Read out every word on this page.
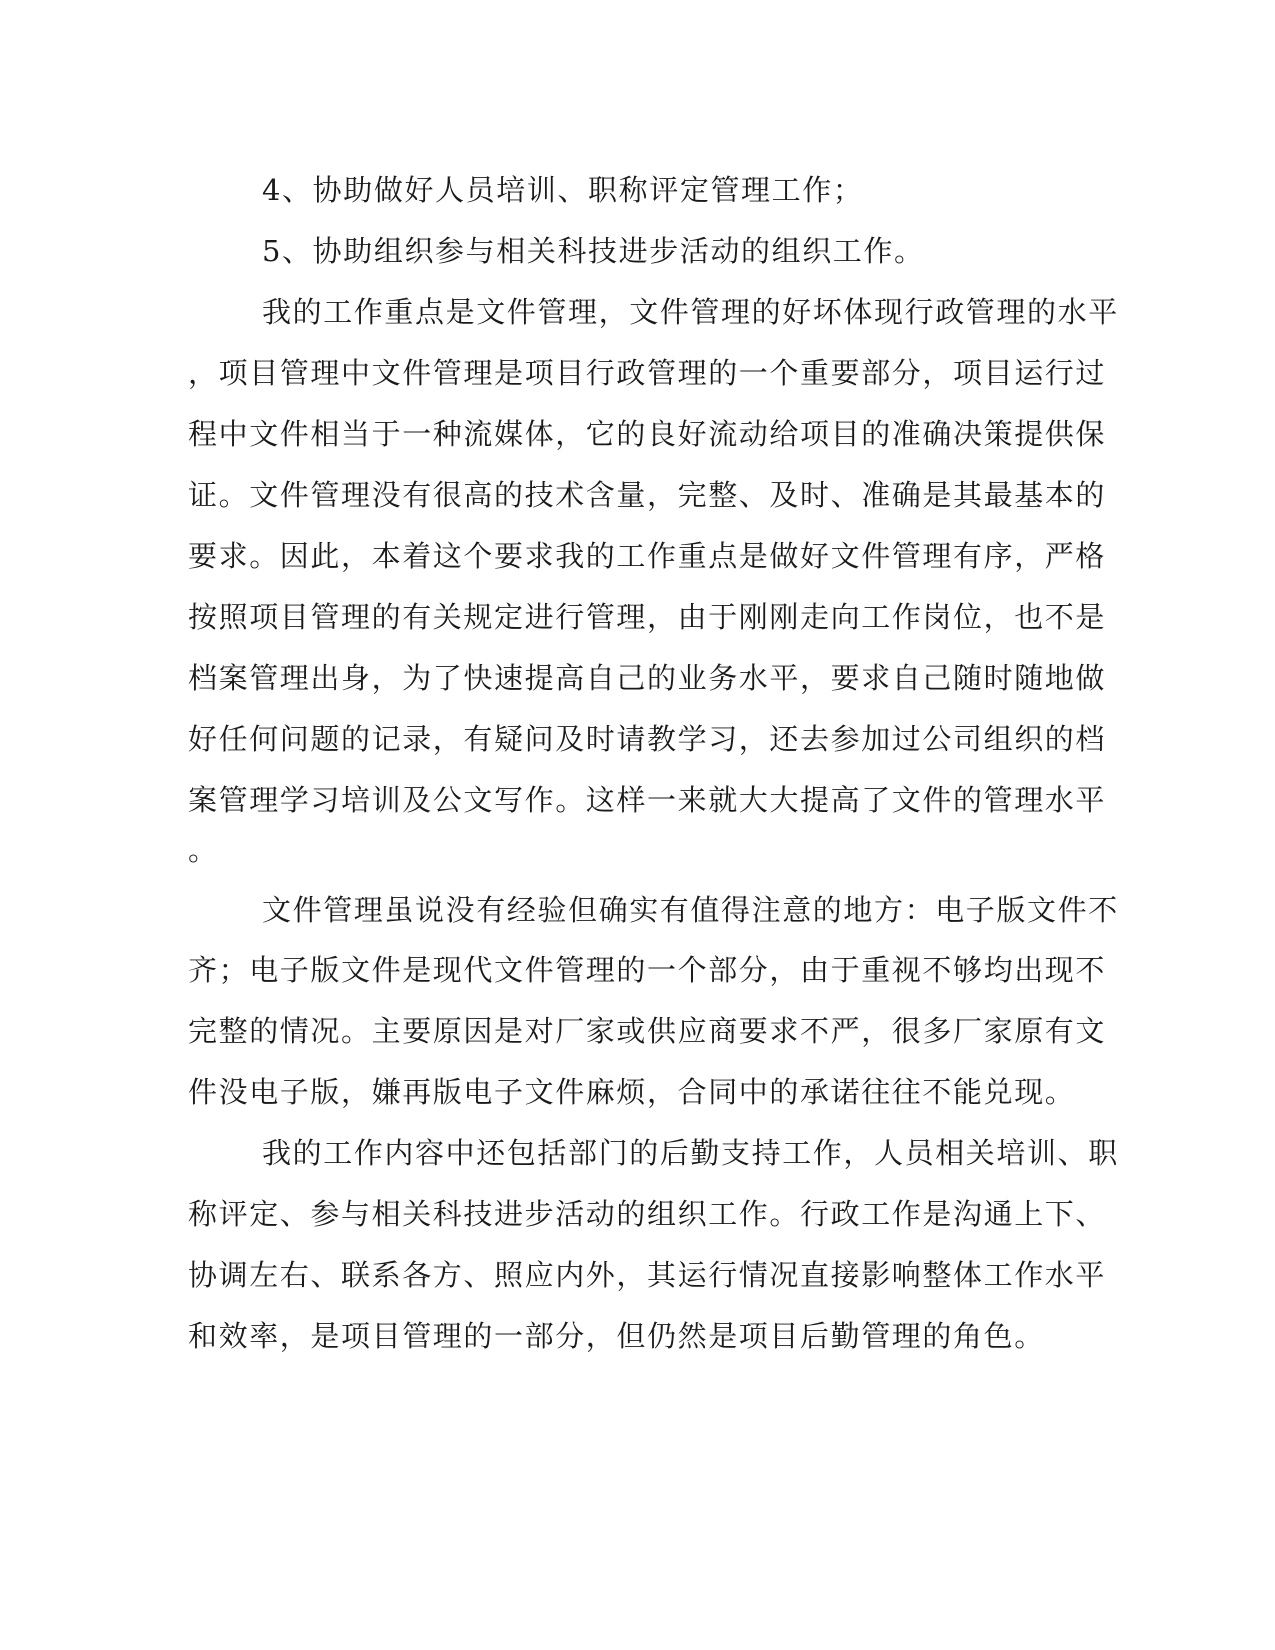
4、协助做好人员培训、职称评定管理工作；

5、协助组织参与相关科技进步活动的组织工作。

我的工作重点是文件管理，文件管理的好坏体现行政管理的水平

，项目管理中文件管理是项目行政管理的一个重要部分，项目运行过

程中文件相当于一种流媒体，它的良好流动给项目的准确决策提供保

证。文件管理没有很高的技术含量，完整、及时、准确是其最基本的

要求。因此，本着这个要求我的工作重点是做好文件管理有序，严格

按照项目管理的有关规定进行管理，由于刚刚走向工作岗位，也不是

档案管理出身，为了快速提高自己的业务水平，要求自己随时随地做

好任何问题的记录，有疑问及时请教学习，还去参加过公司组织的档

案管理学习培训及公文写作。这样一来就大大提高了文件的管理水平

。

文件管理虽说没有经验但确实有值得注意的地方：电子版文件不

齐；电子版文件是现代文件管理的一个部分，由于重视不够均出现不

完整的情况。主要原因是对厂家或供应商要求不严，很多厂家原有文

件没电子版，嫌再版电子文件麻烦，合同中的承诺往往不能兑现。

我的工作内容中还包括部门的后勤支持工作，人员相关培训、职

称评定、参与相关科技进步活动的组织工作。行政工作是沟通上下、

协调左右、联系各方、照应内外，其运行情况直接影响整体工作水平

和效率，是项目管理的一部分，但仍然是项目后勤管理的角色。
